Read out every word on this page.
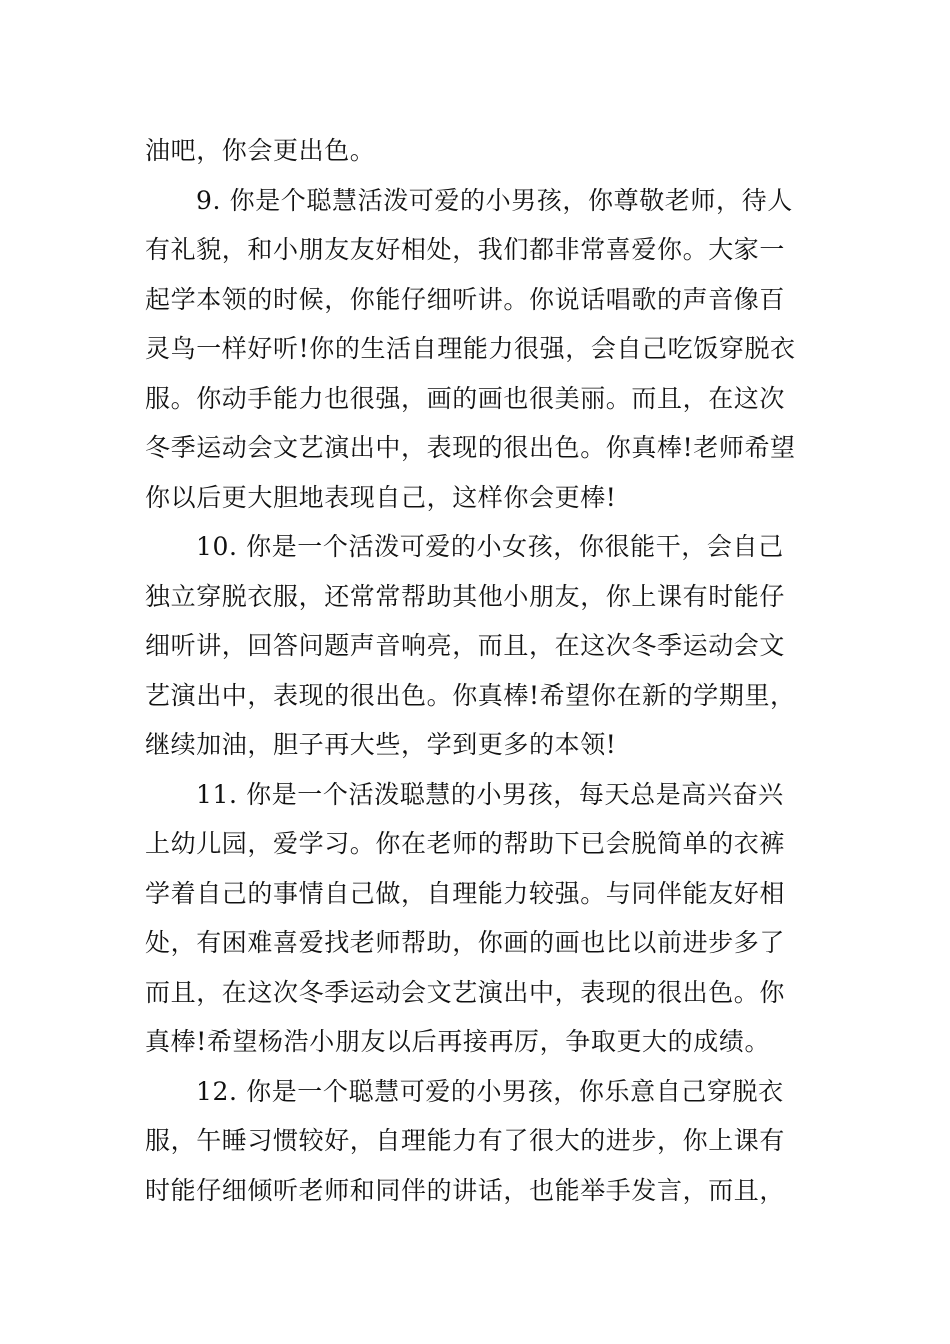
油吧，你会更出色。
9. 你是个聪慧活泼可爱的小男孩，你尊敬老师，待人
有礼貌，和小朋友友好相处，我们都非常喜爱你。大家一
起学本领的时候，你能仔细听讲。你说话唱歌的声音像百
灵鸟一样好听!你的生活自理能力很强，会自己吃饭穿脱衣
服。你动手能力也很强，画的画也很美丽。而且，在这次
冬季运动会文艺演出中，表现的很出色。你真棒!老师希望
你以后更大胆地表现自己，这样你会更棒!
10. 你是一个活泼可爱的小女孩，你很能干，会自己
独立穿脱衣服，还常常帮助其他小朋友，你上课有时能仔
细听讲，回答问题声音响亮，而且，在这次冬季运动会文
艺演出中，表现的很出色。你真棒!希望你在新的学期里，
继续加油，胆子再大些，学到更多的本领!
11. 你是一个活泼聪慧的小男孩，每天总是高兴奋兴
上幼儿园，爱学习。你在老师的帮助下已会脱简单的衣裤
学着自己的事情自己做，自理能力较强。与同伴能友好相
处，有困难喜爱找老师帮助，你画的画也比以前进步多了
而且，在这次冬季运动会文艺演出中，表现的很出色。你
真棒!希望杨浩小朋友以后再接再厉，争取更大的成绩。
12. 你是一个聪慧可爱的小男孩，你乐意自己穿脱衣
服，午睡习惯较好，自理能力有了很大的进步，你上课有
时能仔细倾听老师和同伴的讲话，也能举手发言，而且，
